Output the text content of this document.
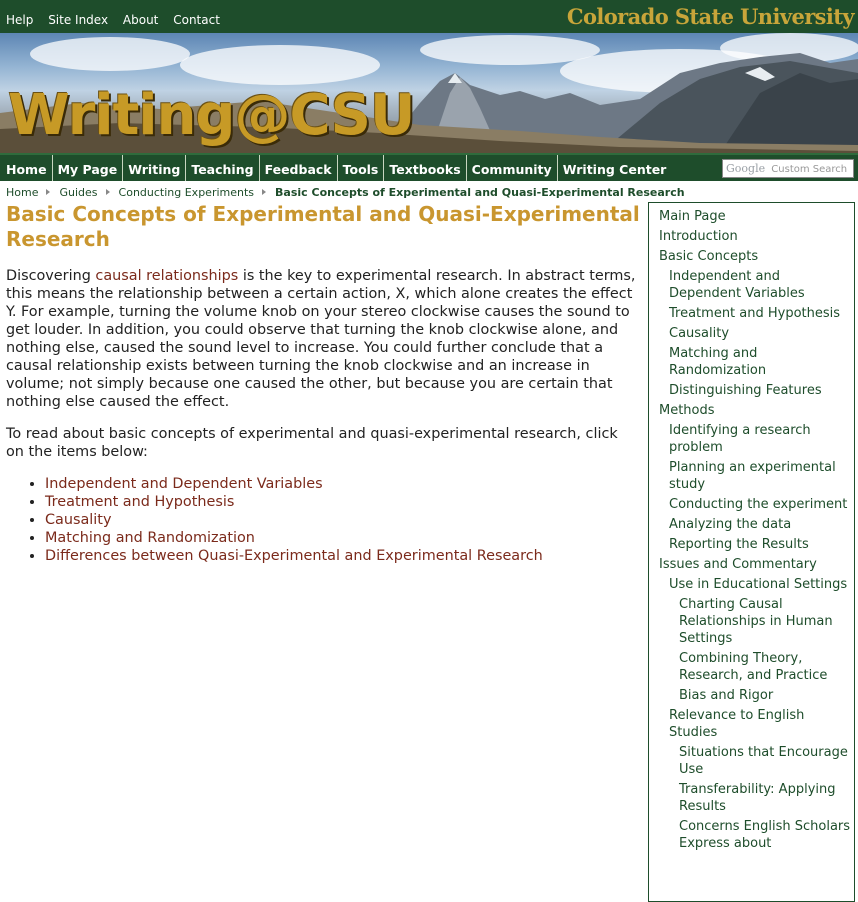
Help Site Index About Contact	Colorado State University
Writing@CSU
Home My Page Writing Teaching Feedback Tools Textbooks Community Writing Center	Google Custom Search
Home Guides Conducting Experiments Basic Concepts of Experimental and Quasi-Experimental Research
Basic Concepts of Experimental and Quasi-Experimental Research

Discovering causal relationships is the key to experimental research. In abstract terms, this means the relationship between a certain action, X, which alone creates the effect Y. For example, turning the volume knob on your stereo clockwise causes the sound to get louder. In addition, you could observe that turning the knob clockwise alone, and nothing else, caused the sound level to increase. You could further conclude that a causal relationship exists between turning the knob clockwise and an increase in volume; not simply because one caused the other, but because you are certain that nothing else caused the effect.

To read about basic concepts of experimental and quasi-experimental research, click on the items below:

• Independent and Dependent Variables
• Treatment and Hypothesis
• Causality
• Matching and Randomization
• Differences between Quasi-Experimental and Experimental Research
Main Page
Introduction
Basic Concepts
Independent and Dependent Variables
Treatment and Hypothesis
Causality
Matching and Randomization
Distinguishing Features
Methods
Identifying a research problem
Planning an experimental study
Conducting the experiment
Analyzing the data
Reporting the Results
Issues and Commentary
Use in Educational Settings
Charting Causal Relationships in Human Settings
Combining Theory, Research, and Practice
Bias and Rigor
Relevance to English Studies
Situations that Encourage Use
Transferability: Applying Results
Concerns English Scholars Express about
